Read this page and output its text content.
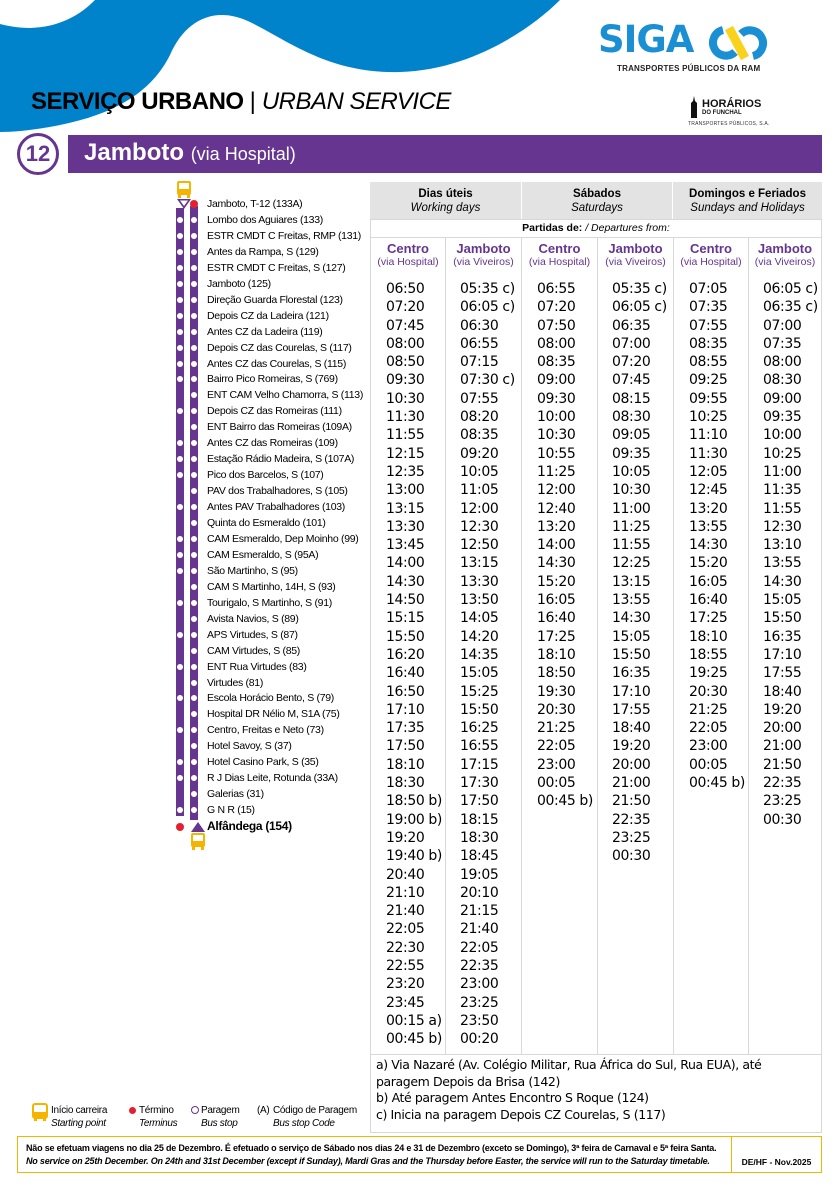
SIGA
TRANSPORTES PÚBLICOS DA RAM
HORÁRIOS
DO FUNCHAL
TRANSPORTES PÚBLICOS, S.A.
SERVIÇO URBANO | URBAN SERVICE
12	Jamboto (via Hospital)
Jamboto, T-12 (133A)
Lombo dos Aguiares (133)
ESTR CMDT C Freitas, RMP (131)
Antes da Rampa, S (129)
ESTR CMDT C Freitas, S (127)
Jamboto (125)
Direção Guarda Florestal (123)
Depois CZ da Ladeira (121)
Antes CZ da Ladeira (119)
Depois CZ das Courelas, S (117)
Antes CZ das Courelas, S (115)
Bairro Pico Romeiras, S (769)
ENT CAM Velho Chamorra, S (113)
Depois CZ das Romeiras (111)
ENT Bairro das Romeiras (109A)
Antes CZ das Romeiras (109)
Estação Rádio Madeira, S (107A)
Pico dos Barcelos, S (107)
PAV dos Trabalhadores, S (105)
Antes PAV Trabalhadores (103)
Quinta do Esmeraldo (101)
CAM Esmeraldo, Dep Moinho (99)
CAM Esmeraldo, S (95A)
São Martinho, S (95)
CAM S Martinho, 14H, S (93)
Tourigalo, S Martinho, S (91)
Avista Navios, S (89)
APS Virtudes, S (87)
CAM Virtudes, S (85)
ENT Rua Virtudes (83)
Virtudes (81)
Escola Horácio Bento, S (79)
Hospital DR Nélio M, S1A (75)
Centro, Freitas e Neto (73)
Hotel Savoy, S (37)
Hotel Casino Park, S (35)
R J Dias Leite, Rotunda (33A)
Galerias (31)
G N R (15)
Alfândega (154)
Dias úteis
Working days
Sábados
Saturdays
Domingos e Feriados
Sundays and Holidays
Partidas de: / Departures from:
Centro
(via Hospital)
06:50
07:20
07:45
08:00
08:50
09:30
10:30
11:30
11:55
12:15
12:35
13:00
13:15
13:30
13:45
14:00
14:30
14:50
15:15
15:50
16:20
16:40
16:50
17:10
17:35
17:50
18:10
18:30
18:50 b)
19:00 b)
19:20
19:40 b)
20:40
21:10
21:40
22:05
22:30
22:55
23:20
23:45
00:15 a)
00:45 b)
Jamboto
(via Viveiros)
05:35 c)
06:05 c)
06:30
06:55
07:15
07:30 c)
07:55
08:20
08:35
09:20
10:05
11:05
12:00
12:30
12:50
13:15
13:30
13:50
14:05
14:20
14:35
15:05
15:25
15:50
16:25
16:55
17:15
17:30
17:50
18:15
18:30
18:45
19:05
20:10
21:15
21:40
22:05
22:35
23:00
23:25
23:50
00:20
Centro
(via Hospital)
06:55
07:20
07:50
08:00
08:35
09:00
09:30
10:00
10:30
10:55
11:25
12:00
12:40
13:20
14:00
14:30
15:20
16:05
16:40
17:25
18:10
18:50
19:30
20:30
21:25
22:05
23:00
00:05
00:45 b)
Jamboto
(via Viveiros)
05:35 c)
06:05 c)
06:35
07:00
07:20
07:45
08:15
08:30
09:05
09:35
10:05
10:30
11:00
11:25
11:55
12:25
13:15
13:55
14:30
15:05
15:50
16:35
17:10
17:55
18:40
19:20
20:00
21:00
21:50
22:35
23:25
00:30
Centro
(via Hospital)
07:05
07:35
07:55
08:35
08:55
09:25
09:55
10:25
11:10
11:30
12:05
12:45
13:20
13:55
14:30
15:20
16:05
16:40
17:25
18:10
18:55
19:25
20:30
21:25
22:05
23:00
00:05
00:45 b)
Jamboto
(via Viveiros)
06:05 c)
06:35 c)
07:00
07:35
08:00
08:30
09:00
09:35
10:00
10:25
11:00
11:35
11:55
12:30
13:10
13:55
14:30
15:05
15:50
16:35
17:10
17:55
18:40
19:20
20:00
21:00
21:50
22:35
23:25
00:30
a) Via Nazaré (Av. Colégio Militar, Rua África do Sul, Rua EUA), até paragem Depois da Brisa (142)
b) Até paragem Antes Encontro S Roque (124)
c) Inicia na paragem Depois CZ Courelas, S (117)
Início carreira
Starting point
Término
Terminus
Paragem
Bus stop
(A) Código de Paragem
Bus stop Code
Não se efetuam viagens no dia 25 de Dezembro. É efetuado o serviço de Sábado nos dias 24 e 31 de Dezembro (exceto se Domingo), 3ª feira de Carnaval e 5ª feira Santa.
No service on 25th December. On 24th and 31st December (except if Sunday), Mardi Gras and the Thursday before Easter, the service will run to the Saturday timetable.	DE/HF - Nov.2025
